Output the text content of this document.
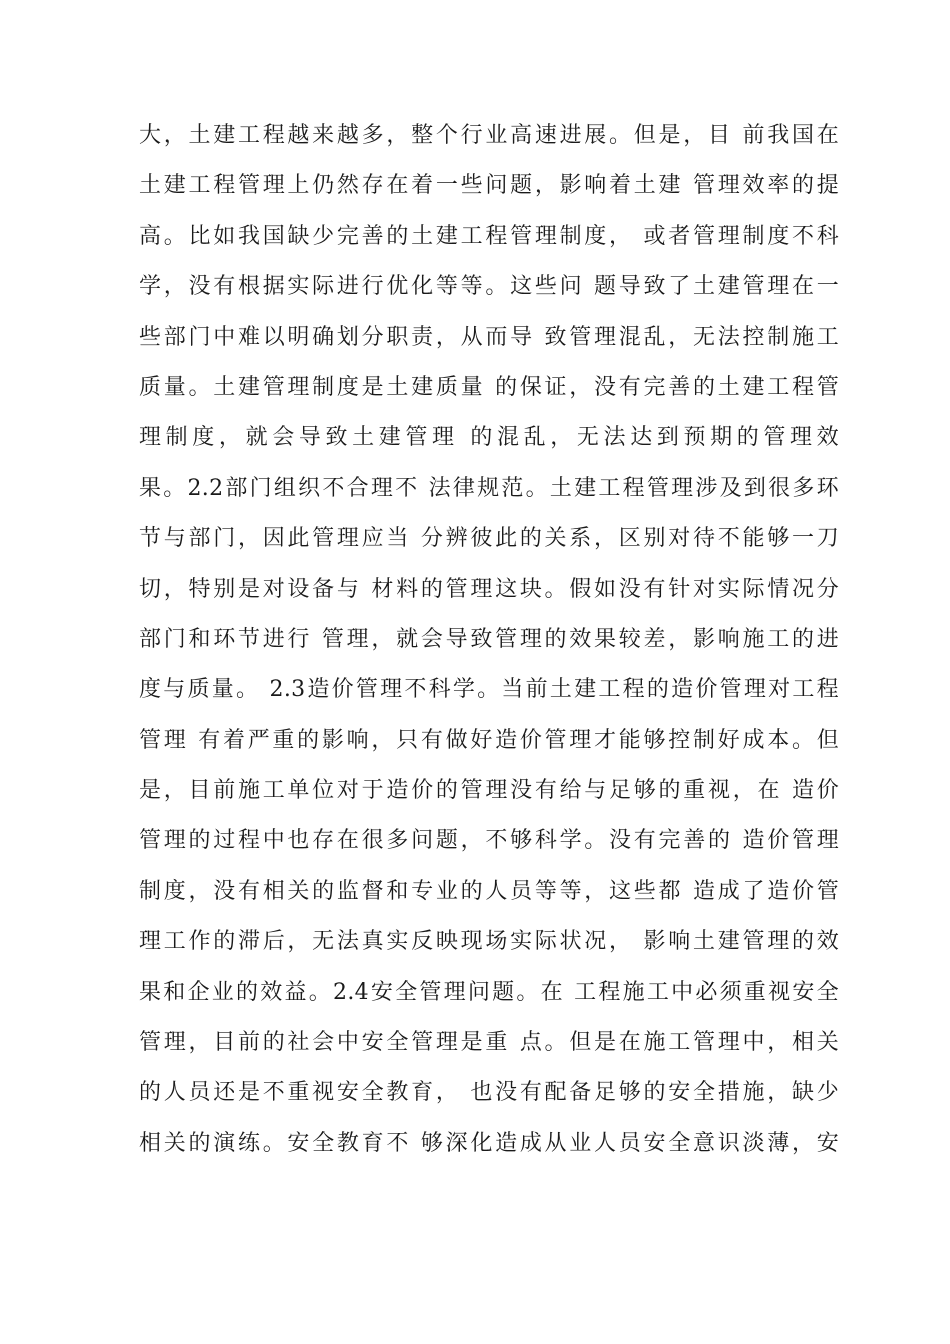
大，土建工程越来越多，整个行业高速进展。但是，目 前我国在
土建工程管理上仍然存在着一些问题，影响着土建 管理效率的提
高。比如我国缺少完善的土建工程管理制度， 或者管理制度不科
学，没有根据实际进行优化等等。这些问 题导致了土建管理在一
些部门中难以明确划分职责，从而导 致管理混乱，无法控制施工
质量。土建管理制度是土建质量 的保证，没有完善的土建工程管
理制度，就会导致土建管理 的混乱，无法达到预期的管理效
果。2.2部门组织不合理不 法律规范。土建工程管理涉及到很多环
节与部门，因此管理应当 分辨彼此的关系，区别对待不能够一刀
切，特别是对设备与 材料的管理这块。假如没有针对实际情况分
部门和环节进行 管理，就会导致管理的效果较差，影响施工的进
度与质量。 2.3造价管理不科学。当前土建工程的造价管理对工程
管理 有着严重的影响，只有做好造价管理才能够控制好成本。但
是，目前施工单位对于造价的管理没有给与足够的重视，在 造价
管理的过程中也存在很多问题，不够科学。没有完善的 造价管理
制度，没有相关的监督和专业的人员等等，这些都 造成了造价管
理工作的滞后，无法真实反映现场实际状况， 影响土建管理的效
果和企业的效益。2.4安全管理问题。在 工程施工中必须重视安全
管理，目前的社会中安全管理是重 点。但是在施工管理中，相关
的人员还是不重视安全教育， 也没有配备足够的安全措施，缺少
相关的演练。安全教育不 够深化造成从业人员安全意识淡薄，安
